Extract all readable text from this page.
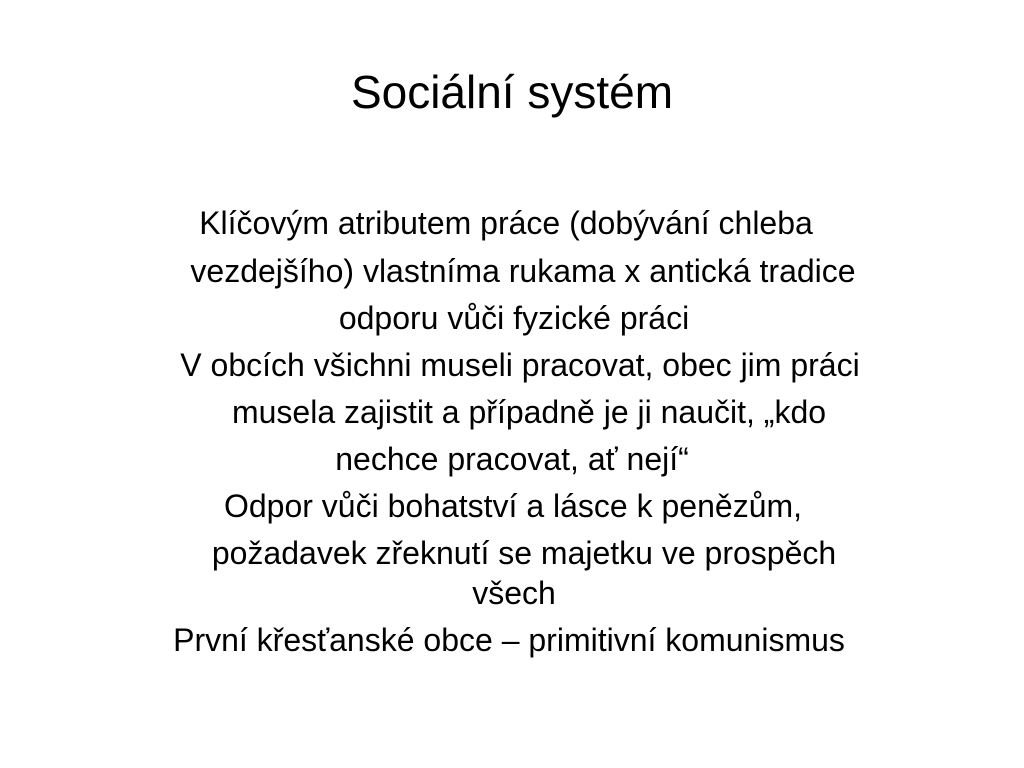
Sociální systém

Klíčovým atributem práce (dobývání chleba

vezdejšího) vlastníma rukama x antická tradice

odporu vůči fyzické práci

V obcích všichni museli pracovat, obec jim práci

musela zajistit a případně je ji naučit, „kdo

nechce pracovat, ať nejí“

Odpor vůči bohatství a lásce k penězům,

požadavek zřeknutí se majetku ve prospěch

všech

První křesťanské obce – primitivní komunismus
